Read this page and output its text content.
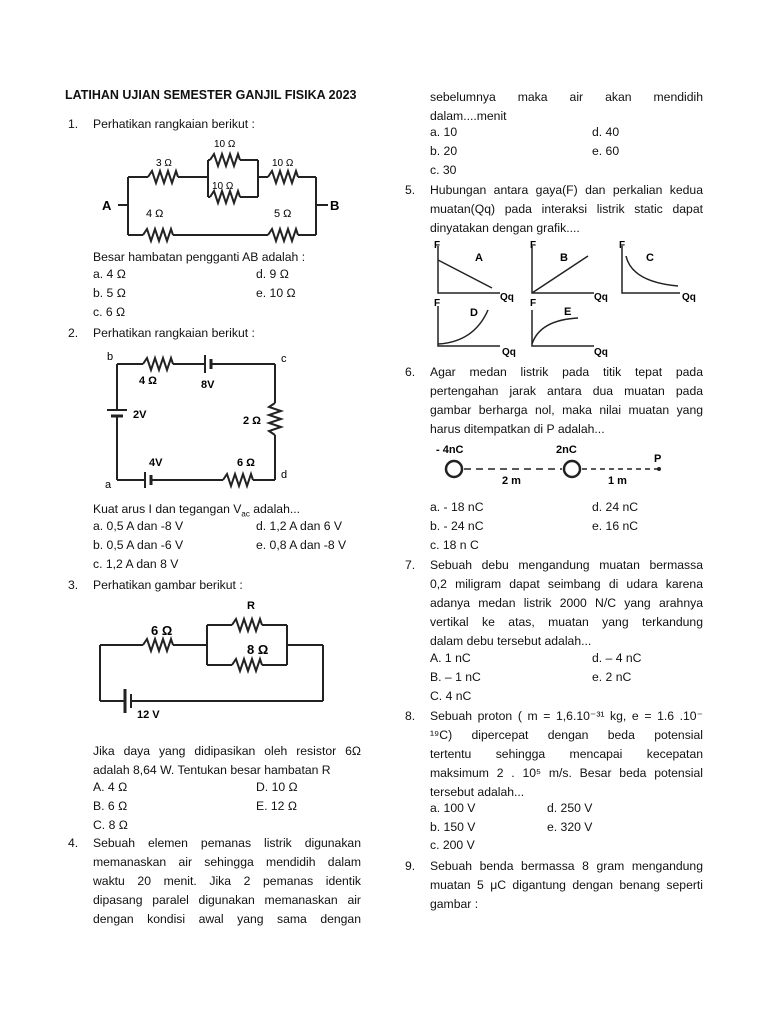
LATIHAN UJIAN SEMESTER GANJIL FISIKA 2023
1. Perhatikan rangkaian berikut :
10 Ω
3 Ω
10 Ω
10 Ω
4 Ω	5 Ω
A	B
Besar hambatan pengganti AB adalah :
a. 4 Ω	d. 9 Ω
b. 5 Ω	e. 10 Ω
c. 6 Ω
2. Perhatikan rangkaian berikut :
b	c
a
d
4 Ω	8V
2V	2 Ω
4V	6 Ω
Kuat arus I dan tegangan $V_{ac}$ adalah...
a. 0,5 A dan -8 V	d. 1,2 A dan 6 V
b. 0,5 A dan -6 V	e. 0,8 A dan -8 V
c. 1,2 A dan 8 V
3. Perhatikan gambar berikut :
R
6 Ω
8 Ω
12 V
Jika daya yang didipasikan oleh resistor 6Ω
adalah 8,64 W. Tentukan besar hambatan R
A. 4 Ω	D. 10 Ω
B. 6 Ω	E. 12 Ω
C. 8 Ω
4. Sebuah elemen pemanas listrik digunakan
memanaskan air sehingga mendidih dalam
waktu 20 menit. Jika 2 pemanas identik
dipasang paralel digunakan memanaskan air
dengan kondisi awal yang sama dengan
sebelumnya maka air akan mendidih
dalam....menit
a. 10	d. 40
b. 20	e. 60
c. 30
5. Hubungan antara gaya(F) dan perkalian kedua
muatan(Qq) pada interaksi listrik static dapat
dinyatakan dengan grafik....
F
A
Qq
F
B
Qq
F
C
Qq
F
D
Qq
F
E
Qq
6. Agar medan listrik pada titik tepat pada
pertengahan jarak antara dua muatan pada
gambar berharga nol, maka nilai muatan yang
harus ditempatkan di P adalah...
- 4nC	2nC
P
2 m	1 m
a. - 18 nC	d. 24 nC
b. - 24 nC	e. 16 nC
c. 18 n C
7. Sebuah debu mengandung muatan bermassa
0,2 miligram dapat seimbang di udara karena
adanya medan listrik 2000 N/C yang arahnya
vertikal ke atas, muatan yang terkandung
dalam debu tersebut adalah...
A. 1 nC	d. – 4 nC
B. – 1 nC	e. 2 nC
C. 4 nC
8. Sebuah proton ( m = 1,6.10⁻³¹ kg, e = 1.6 .10⁻
¹⁹C) dipercepat dengan beda potensial
tertentu sehingga mencapai kecepatan
maksimum 2 . 10⁵ m/s. Besar beda potensial
tersebut adalah...
a. 100 V	d. 250 V
b. 150 V	e. 320 V
c. 200 V
9. Sebuah benda bermassa 8 gram mengandung
muatan 5 μC digantung dengan benang seperti
gambar :
